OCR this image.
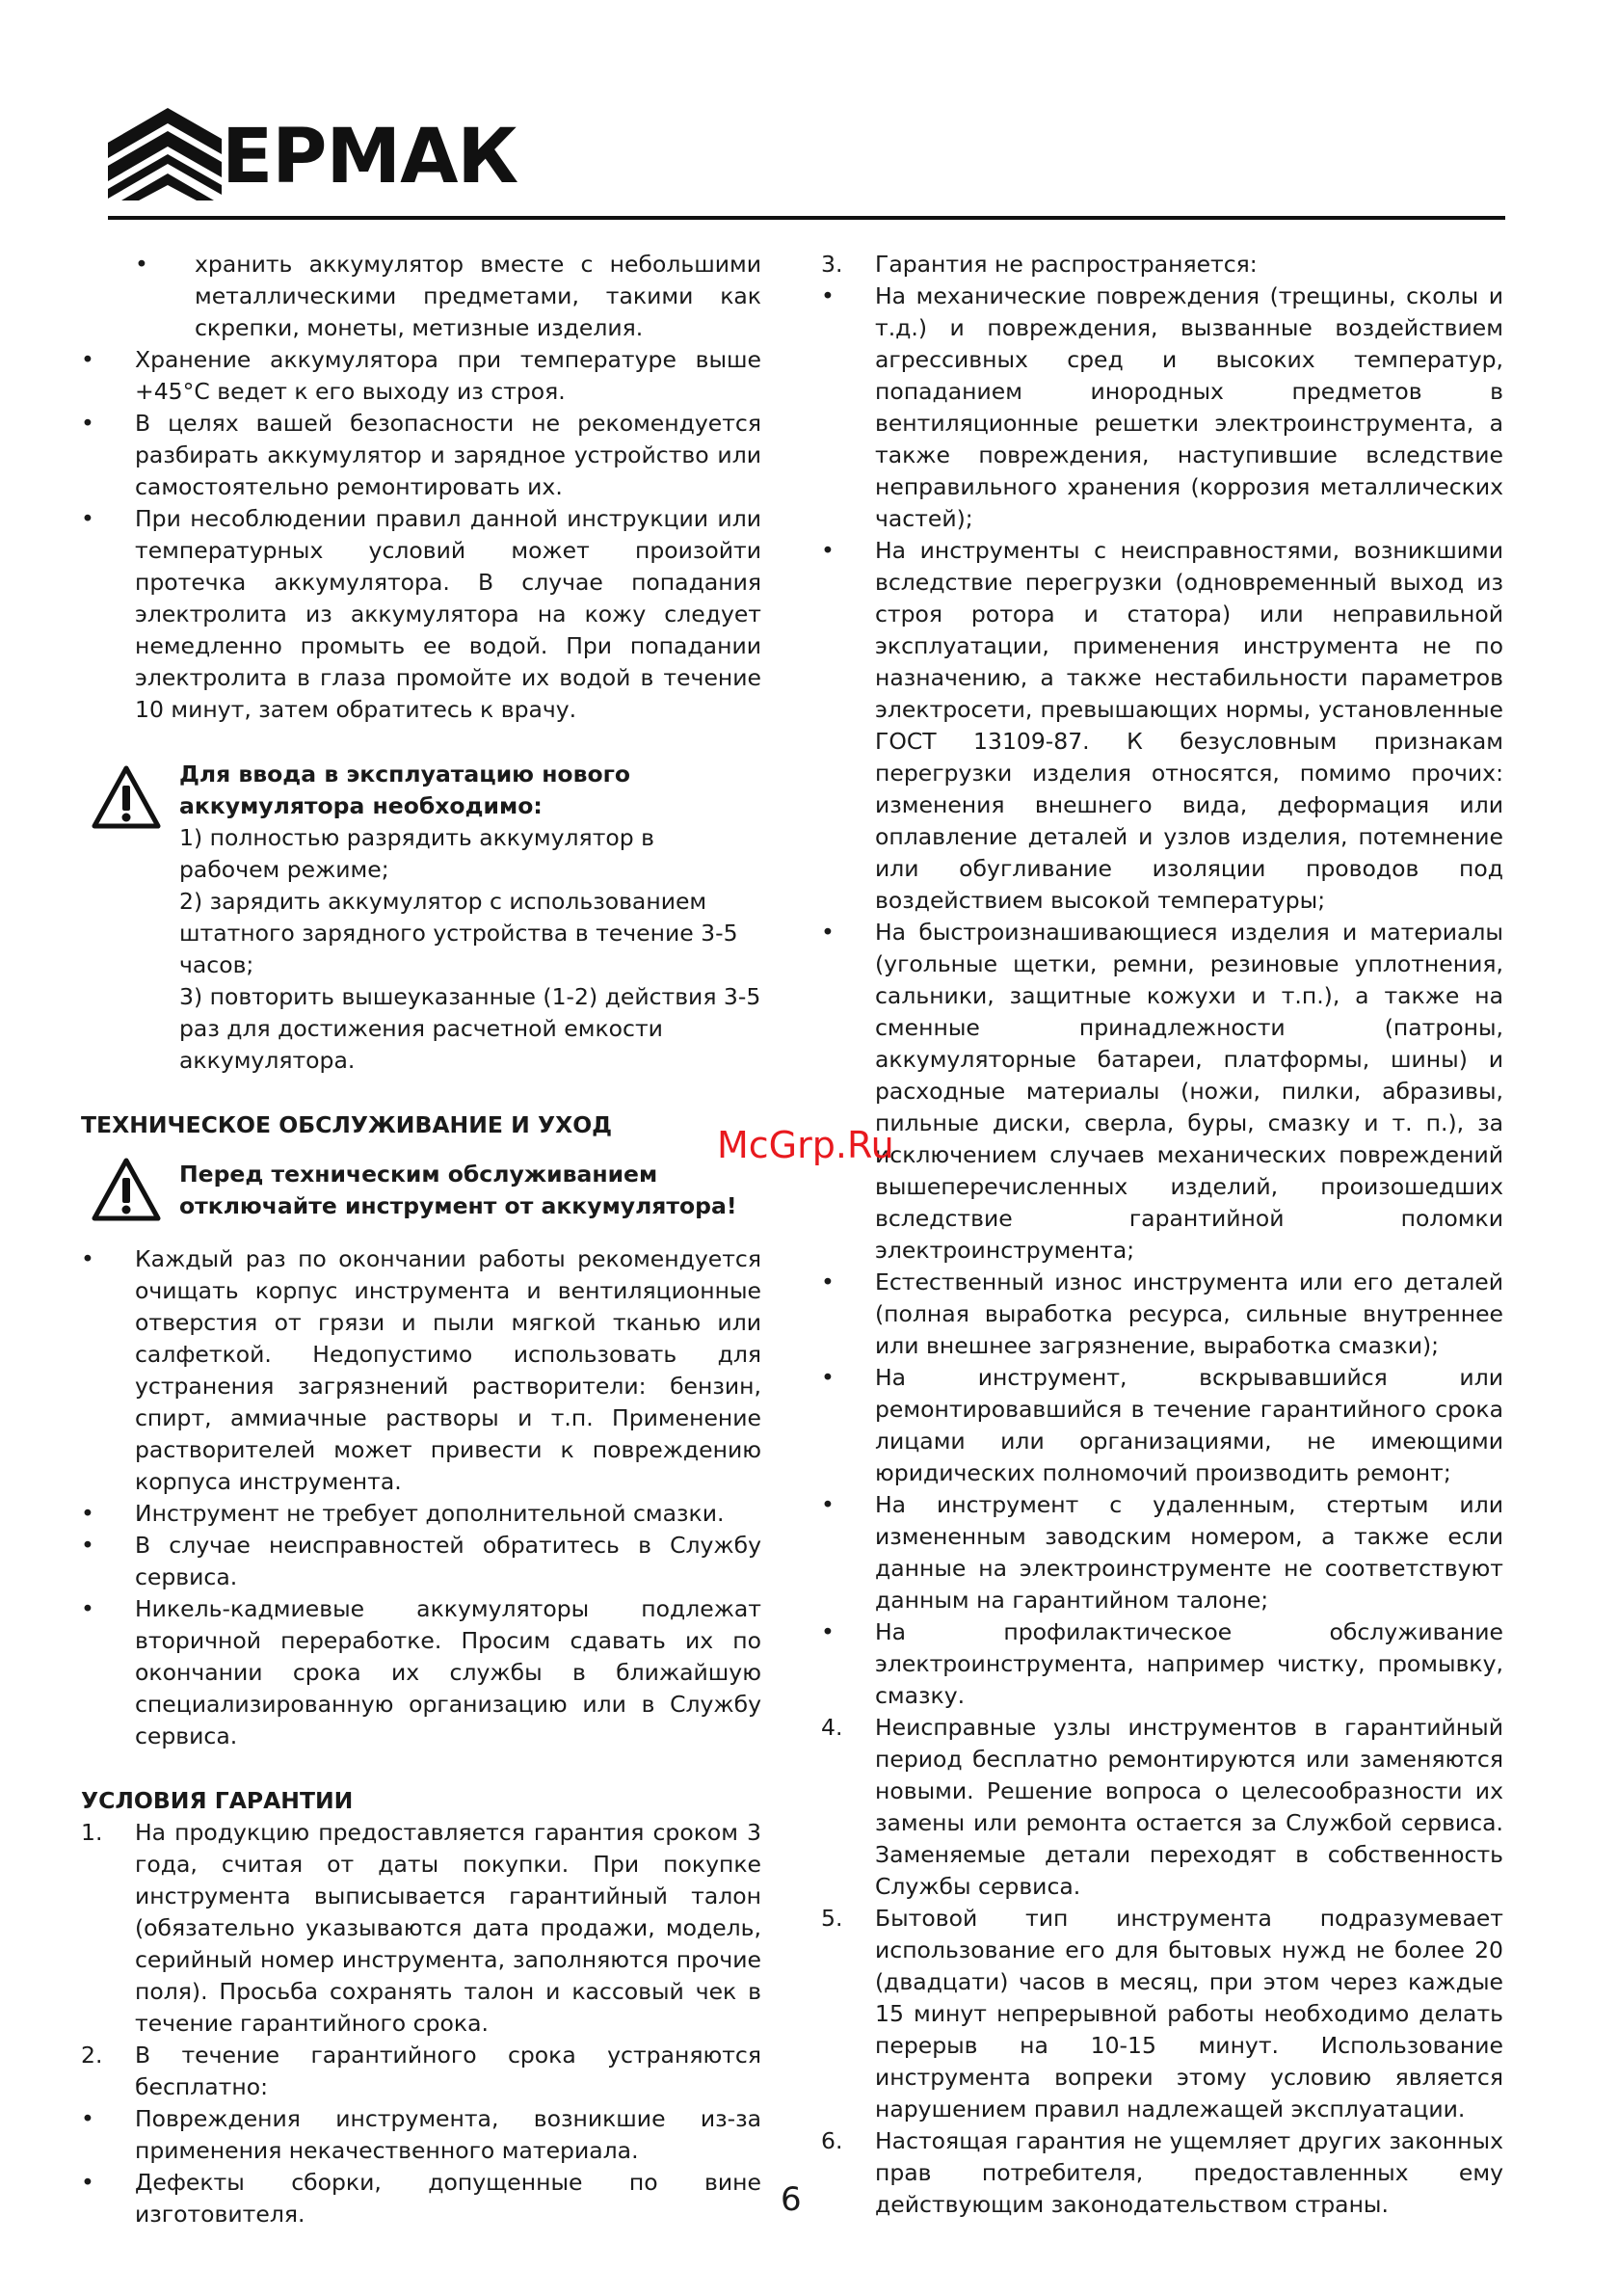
ЕРМАК
•	хранить аккумулятор вместе с небольшими металлическими предметами, такими как скрепки, монеты, метизные изделия.
•	Хранение аккумулятора при температуре выше +45°С ведет к его выходу из строя.
•	В целях вашей безопасности не рекомендуется разбирать аккумулятор и зарядное устройство или самостоятельно ремонтировать их.
•	При несоблюдении правил данной инструкции или температурных условий может произойти протечка аккумулятора. В случае попадания электролита из аккумулятора на кожу следует немедленно промыть ее водой. При попадании электролита в глаза промойте их водой в течение 10 минут, затем обратитесь к врачу.
Для ввода в эксплуатацию нового
аккумулятора необходимо:
1) полностью разрядить аккумулятор в рабочем режиме;
2) зарядить аккумулятор с использованием штатного зарядного устройства в течение 3-5 часов;
3) повторить вышеуказанные (1-2) действия 3-5 раз для достижения расчетной емкости аккумулятора.
ТЕХНИЧЕСКОЕ ОБСЛУЖИВАНИЕ И УХОД
Перед техническим обслуживанием
отключайте инструмент от аккумулятора!
•	Каждый раз по окончании работы рекомендуется очищать корпус инструмента и вентиляционные отверстия от грязи и пыли мягкой тканью или салфеткой. Недопустимо использовать для устранения загрязнений растворители: бензин, спирт, аммиачные растворы и т.п. Применение растворителей может привести к повреждению корпуса инструмента.
•	Инструмент не требует дополнительной смазки.
•	В случае неисправностей обратитесь в Службу сервиса.
•	Никель-кадмиевые аккумуляторы подлежат вторичной переработке. Просим сдавать их по окончании срока их службы в ближайшую специализированную организацию или в Службу сервиса.
УСЛОВИЯ ГАРАНТИИ
1.	На продукцию предоставляется гарантия сроком 3 года, считая от даты покупки. При покупке инструмента выписывается гарантийный талон (обязательно указываются дата продажи, модель, серийный номер инструмента, заполняются прочие поля). Просьба сохранять талон и кассовый чек в течение гарантийного срока.
2.	В течение гарантийного срока устраняются бесплатно:
•	Повреждения инструмента, возникшие из-за применения некачественного материала.
•	Дефекты сборки, допущенные по вине изготовителя.
3.	Гарантия не распространяется:
•	На механические повреждения (трещины, сколы и т.д.) и повреждения, вызванные воздействием агрессивных сред и высоких температур, попаданием инородных предметов в вентиляционные решетки электроинструмента, а также повреждения, наступившие вследствие неправильного хранения (коррозия металлических частей);
•	На инструменты с неисправностями, возникшими вследствие перегрузки (одновременный выход из строя ротора и статора) или неправильной эксплуатации, применения инструмента не по назначению, а также нестабильности параметров электросети, превышающих нормы, установленные ГОСТ 13109-87. К безусловным признакам перегрузки изделия относятся, помимо прочих: изменения внешнего вида, деформация или оплавление деталей и узлов изделия, потемнение или обугливание изоляции проводов под воздействием высокой температуры;
•	На быстроизнашивающиеся изделия и материалы (угольные щетки, ремни, резиновые уплотнения, сальники, защитные кожухи и т.п.), а также на сменные принадлежности (патроны, аккумуляторные батареи, платформы, шины) и расходные материалы (ножи, пилки, абразивы, пильные диски, сверла, буры, смазку и т. п.), за исключением случаев механических повреждений вышеперечисленных изделий, произошедших вследствие гарантийной поломки электроинструмента;
•	Естественный износ инструмента или его деталей (полная выработка ресурса, сильные внутреннее или внешнее загрязнение, выработка смазки);
•	На инструмент, вскрывавшийся или ремонтировавшийся в течение гарантийного срока лицами или организациями, не имеющими юридических полномочий производить ремонт;
•	На инструмент с удаленным, стертым или измененным заводским номером, а также если данные на электроинструменте не соответствуют данным на гарантийном талоне;
•	На профилактическое обслуживание электроинструмента, например чистку, промывку, смазку.
4.	Неисправные узлы инструментов в гарантийный период бесплатно ремонтируются или заменяются новыми. Решение вопроса о целесообразности их замены или ремонта остается за Службой сервиса. Заменяемые детали переходят в собственность Службы сервиса.
5.	Бытовой тип инструмента подразумевает использование его для бытовых нужд не более 20 (двадцати) часов в месяц, при этом через каждые 15 минут непрерывной работы необходимо делать перерыв на 10-15 минут. Использование инструмента вопреки этому условию является нарушением правил надлежащей эксплуатации.
6.	Настоящая гарантия не ущемляет других законных прав потребителя, предоставленных ему действующим законодательством страны.
McGrp.Ru
6
